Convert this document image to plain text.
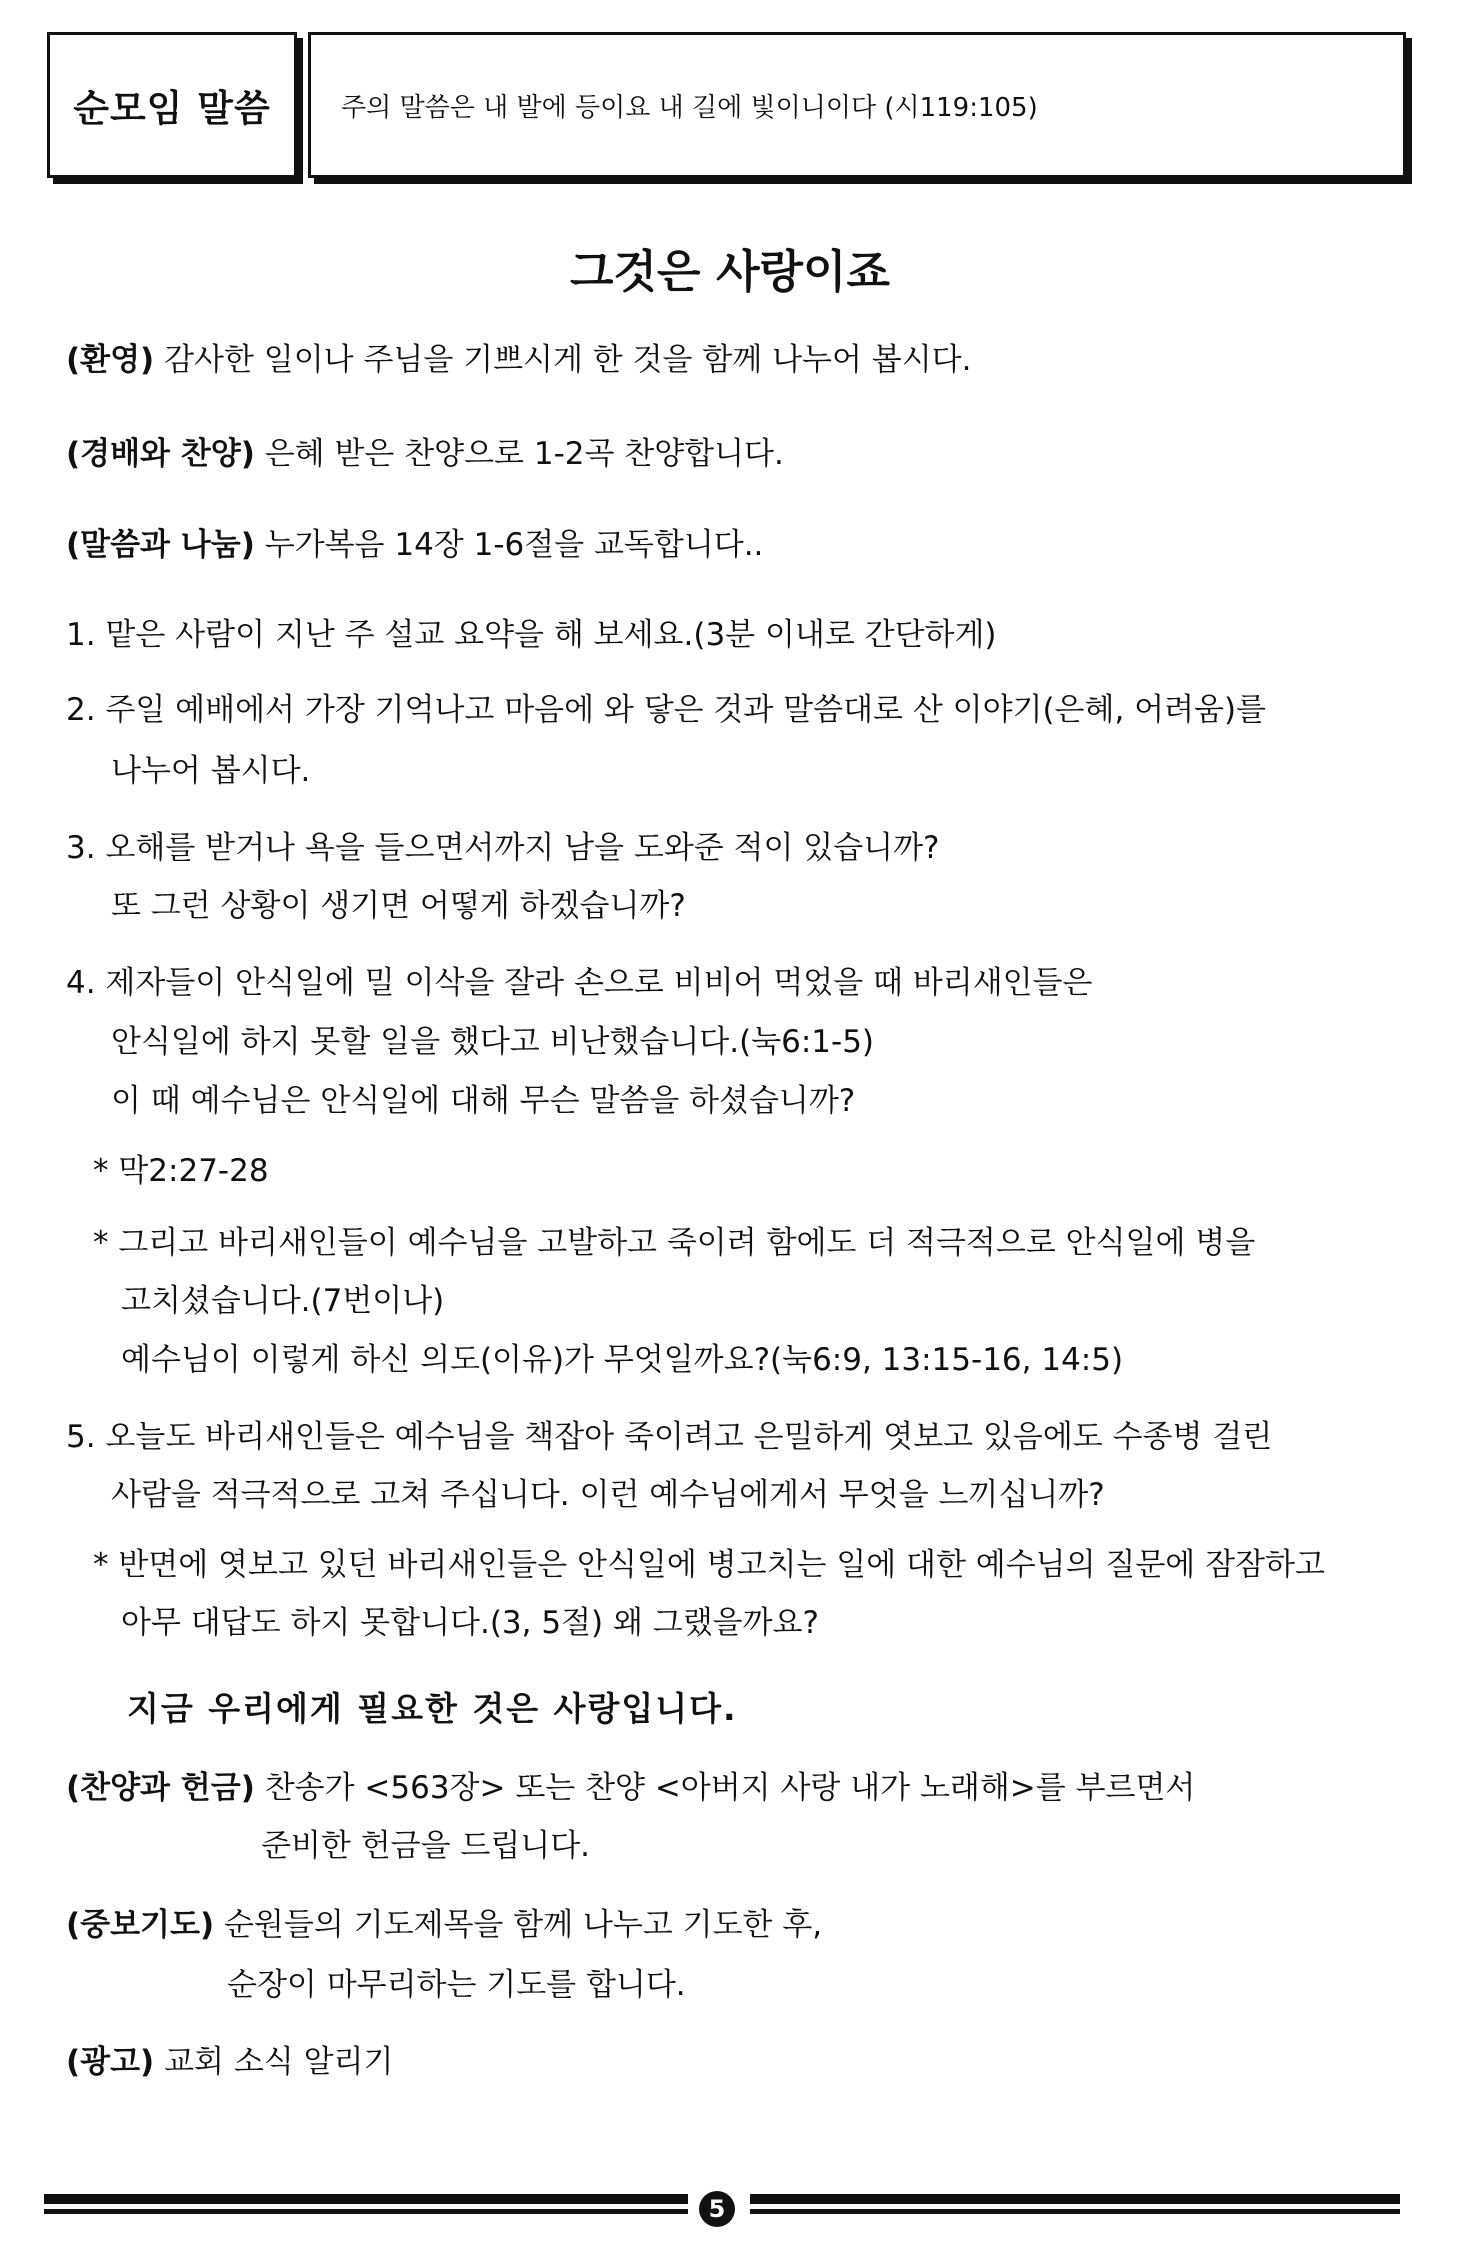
순모임 말씀	주의 말씀은 내 발에 등이요 내 길에 빛이니이다 (시119:105)
그것은 사랑이죠
(환영) 감사한 일이나 주님을 기쁘시게 한 것을 함께 나누어 봅시다.
(경배와 찬양) 은혜 받은 찬양으로 1-2곡 찬양합니다.
(말씀과 나눔) 누가복음 14장 1-6절을 교독합니다..
1. 맡은 사람이 지난 주 설교 요약을 해 보세요.(3분 이내로 간단하게)
2. 주일 예배에서 가장 기억나고 마음에 와 닿은 것과 말씀대로 산 이야기(은혜, 어려움)를
나누어 봅시다.
3. 오해를 받거나 욕을 들으면서까지 남을 도와준 적이 있습니까?
또 그런 상황이 생기면 어떻게 하겠습니까?
4. 제자들이 안식일에 밀 이삭을 잘라 손으로 비비어 먹었을 때 바리새인들은
안식일에 하지 못할 일을 했다고 비난했습니다.(눅6:1-5)
이 때 예수님은 안식일에 대해 무슨 말씀을 하셨습니까?
* 막2:27-28
* 그리고 바리새인들이 예수님을 고발하고 죽이려 함에도 더 적극적으로 안식일에 병을
고치셨습니다.(7번이나)
예수님이 이렇게 하신 의도(이유)가 무엇일까요?(눅6:9, 13:15-16, 14:5)
5. 오늘도 바리새인들은 예수님을 책잡아 죽이려고 은밀하게 엿보고 있음에도 수종병 걸린
사람을 적극적으로 고쳐 주십니다. 이런 예수님에게서 무엇을 느끼십니까?
* 반면에 엿보고 있던 바리새인들은 안식일에 병고치는 일에 대한 예수님의 질문에 잠잠하고
아무 대답도 하지 못합니다.(3, 5절) 왜 그랬을까요?
지금 우리에게 필요한 것은 사랑입니다.
(찬양과 헌금) 찬송가 <563장> 또는 찬양 <아버지 사랑 내가 노래해>를 부르면서
준비한 헌금을 드립니다.
(중보기도) 순원들의 기도제목을 함께 나누고 기도한 후,
순장이 마무리하는 기도를 합니다.
(광고) 교회 소식 알리기
5
